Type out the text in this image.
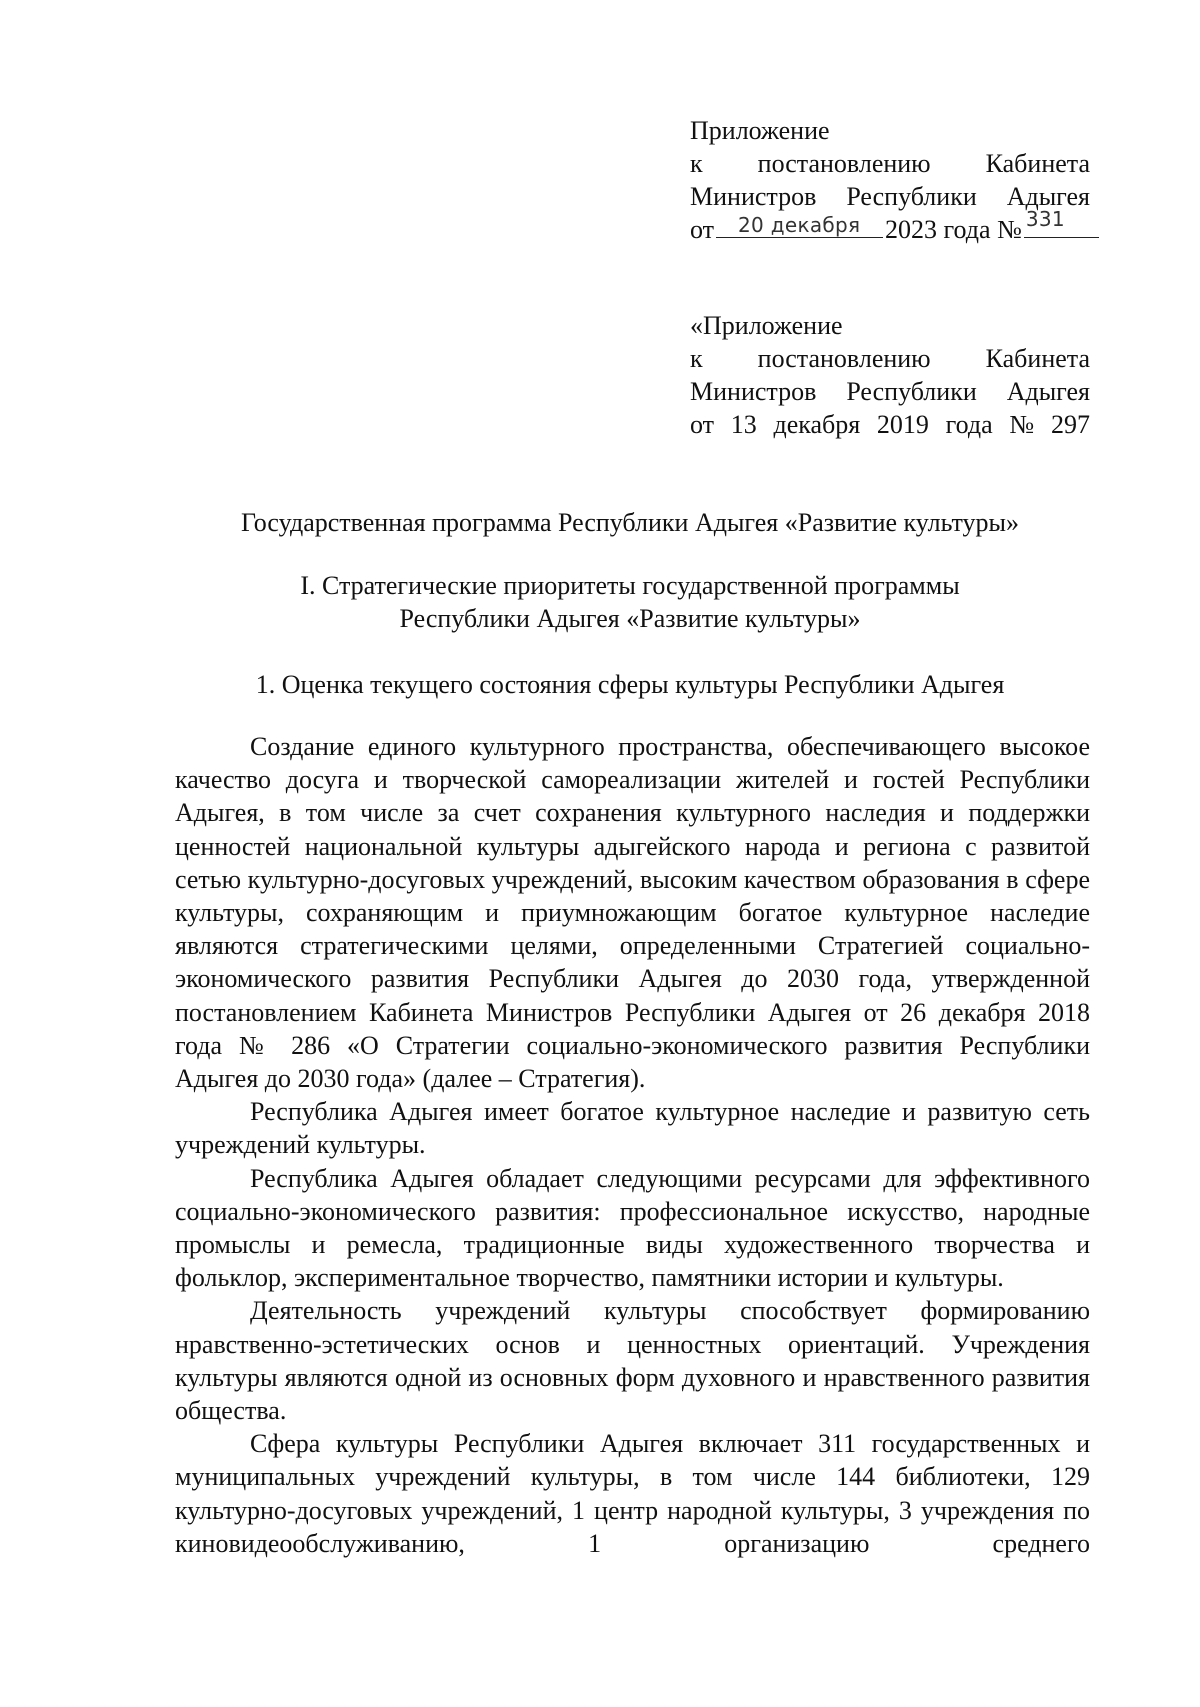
Приложение
к постановлению Кабинета
Министров Республики Адыгея
от 20 декабря 2023 года № 331
«Приложение
к постановлению Кабинета
Министров Республики Адыгея
от 13 декабря 2019 года № 297
Государственная программа Республики Адыгея «Развитие культуры»
I. Стратегические приоритеты государственной программы
Республики Адыгея «Развитие культуры»
1. Оценка текущего состояния сферы культуры Республики Адыгея

Создание единого культурного пространства, обеспечивающего высокое качество досуга и творческой самореализации жителей и гостей Республики Адыгея, в том числе за счет сохранения культурного наследия и поддержки ценностей национальной культуры адыгейского народа и региона с развитой сетью культурно-досуговых учреждений, высоким качеством образования в сфере культуры, сохраняющим и приумножающим богатое культурное наследие являются стратегическими целями, определенными Стратегией социально-экономического развития Республики Адыгея до 2030 года, утвержденной постановлением Кабинета Министров Республики Адыгея от 26 декабря 2018 года № 286 «О Стратегии социально-экономического развития Республики Адыгея до 2030 года» (далее – Стратегия).

Республика Адыгея имеет богатое культурное наследие и развитую сеть учреждений культуры.

Республика Адыгея обладает следующими ресурсами для эффективного социально-экономического развития: профессиональное искусство, народные промыслы и ремесла, традиционные виды художественного творчества и фольклор, экспериментальное творчество, памятники истории и культуры.

Деятельность учреждений культуры способствует формированию нравственно-эстетических основ и ценностных ориентаций. Учреждения культуры являются одной из основных форм духовного и нравственного развития общества.

Сфера культуры Республики Адыгея включает 311 государственных и муниципальных учреждений культуры, в том числе 144 библиотеки, 129 культурно-досуговых учреждений, 1 центр народной культуры, 3 учреждения по киновидеообслуживанию, 1 организацию среднего
